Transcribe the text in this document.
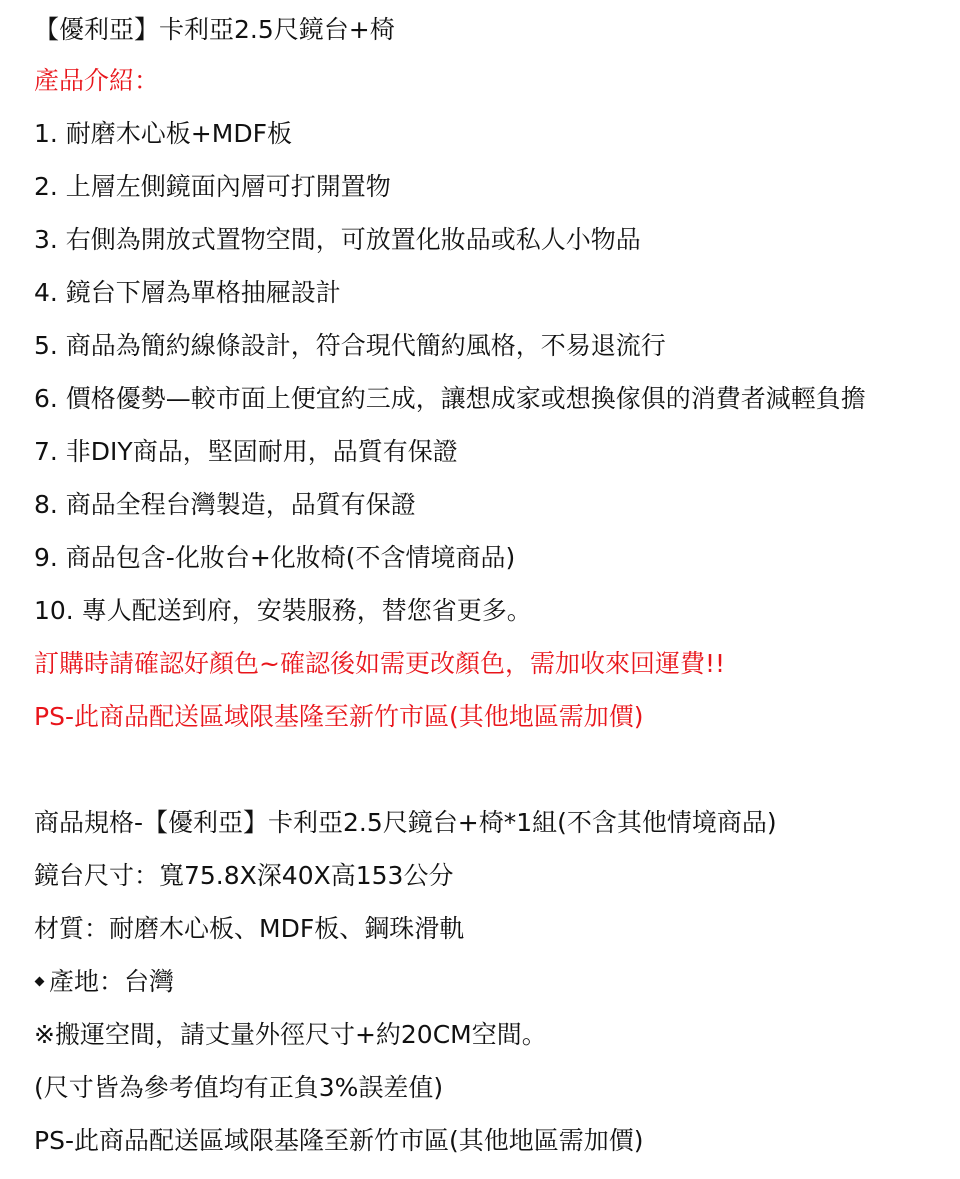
【優利亞】卡利亞2.5尺鏡台+椅
產品介紹：
1. 耐磨木心板+MDF板
2. 上層左側鏡面內層可打開置物
3. 右側為開放式置物空間，可放置化妝品或私人小物品
4. 鏡台下層為單格抽屜設計
5. 商品為簡約線條設計，符合現代簡約風格，不易退流行
6. 價格優勢—較市面上便宜約三成，讓想成家或想換傢俱的消費者減輕負擔
7. 非DIY商品，堅固耐用，品質有保證
8. 商品全程台灣製造，品質有保證
9. 商品包含-化妝台+化妝椅(不含情境商品)
10. 專人配送到府，安裝服務，替您省更多。
訂購時請確認好顏色~確認後如需更改顏色，需加收來回運費!!
PS-此商品配送區域限基隆至新竹市區(其他地區需加價)
商品規格-【優利亞】卡利亞2.5尺鏡台+椅*1組(不含其他情境商品)
鏡台尺寸：寬75.8X深40X高153公分
材質：耐磨木心板、MDF板、鋼珠滑軌
產地：台灣
※搬運空間，請丈量外徑尺寸+約20CM空間。
(尺寸皆為參考值均有正負3%誤差值)
PS-此商品配送區域限基隆至新竹市區(其他地區需加價)
